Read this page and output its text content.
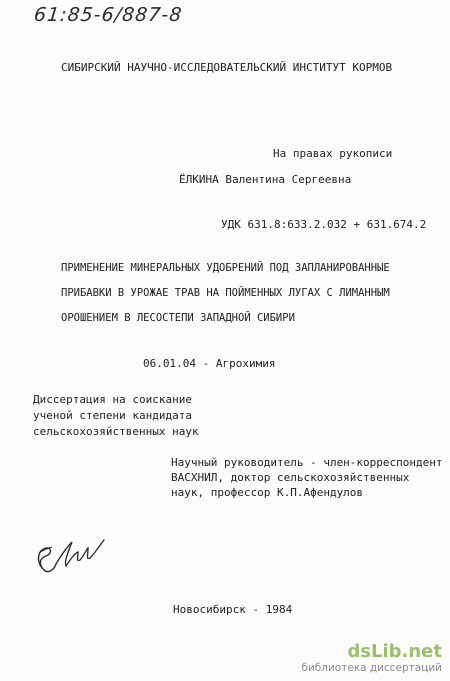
61:85-6/887-8
СИБИРСКИЙ НАУЧНО-ИССЛЕДОВАТЕЛЬСКИЙ ИНСТИТУТ КОРМОВ
На правах рукописи
ЁЛКИНА Валентина Сергеевна
УДК 631.8:633.2.032 + 631.674.2
ПРИМЕНЕНИЕ МИНЕРАЛЬНЫХ УДОБРЕНИЙ ПОД ЗАПЛАНИРОВАННЫЕ
ПРИБАВКИ В УРОЖАЕ ТРАВ НА ПОЙМЕННЫХ ЛУГАХ С ЛИМАННЫМ
ОРОШЕНИЕМ В ЛЕСОСТЕПИ ЗАПАДНОЙ СИБИРИ
06.01.04 - Агрохимия
Диссертация на соискание
ученой степени кандидата
сельскохозяйственных наук
Научный руководитель - член-корреспондент
ВАСХНИЛ, доктор сельскохозяйственных
наук, профессор К.П.Афендулов
Новосибирск - 1984
dsLib.net
библиотека диссертаций
